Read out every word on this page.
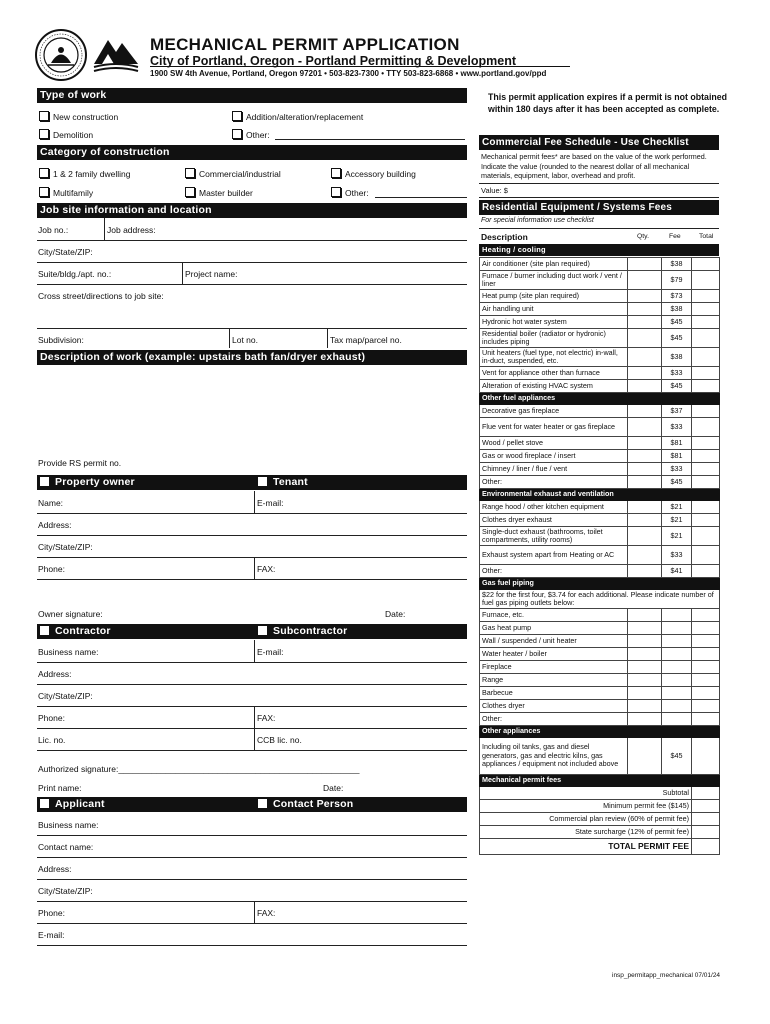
MECHANICAL PERMIT APPLICATION
City of Portland, Oregon - Portland Permitting & Development
1900 SW 4th Avenue, Portland, Oregon 97201 • 503-823-7300 • TTY 503-823-6868 • www.portland.gov/ppd
Type of work
New construction	Addition/alteration/replacement
Demolition	Other:
Category of construction
1 & 2 family dwelling	Commercial/industrial	Accessory building
Multifamily	Master builder	Other:
Job site information and location
Job no.:	Job address:
City/State/ZIP:
Suite/bldg./apt. no.:	Project name:
Cross street/directions to job site:
Subdivision:	Lot no.	Tax map/parcel no.
Description of work (example: upstairs bath fan/dryer exhaust)
Provide RS permit no.
Property owner	Tenant
Name:	E-mail:
Address:
City/State/ZIP:
Phone:	FAX:
Owner signature:	Date:
Contractor	Subcontractor
Business name:	E-mail:
Address:
City/State/ZIP:
Phone:	FAX:
Lic. no.	CCB lic. no.
Authorized signature:___________________________________________________
Print name:	Date:
Applicant	Contact Person
Business name:
Contact name:
Address:
City/State/ZIP:
Phone:	FAX:
E-mail:
This permit application expires if a permit is not obtained within 180 days after it has been accepted as complete.
Commercial Fee Schedule - Use Checklist
Mechanical permit fees* are based on the value of the work performed. Indicate the value (rounded to the nearest dollar of all mechanical materials, equipment, labor, overhead and profit.
Value: $
Residential Equipment / Systems Fees
For special information use checklist
Description	Qty.	Fee	Total
Heating / cooling
Air conditioner (site plan required)		$38	
Furnace / burner including duct work / vent / liner		$79	
Heat pump (site plan required)		$73	
Air handling unit		$38	
Hydronic hot water system		$45	
Residential boiler (radiator or hydronic) includes piping		$45	
Unit heaters (fuel type, not electric) in-wall, in-duct, suspended, etc.		$38	
Vent for appliance other than furnace		$33	
Alteration of existing HVAC system		$45	
Other fuel appliances			
Decorative gas fireplace		$37	
Flue vent for water heater or gas fireplace		$33	
Wood / pellet stove		$81	
Gas or wood fireplace / insert		$81	
Chimney / liner / flue / vent		$33	
Other:		$45	
Environmental exhaust and ventilation			
Range hood / other kitchen equipment		$21	
Clothes dryer exhaust		$21	
Single-duct exhaust (bathrooms, toilet compartments, utility rooms)		$21	
Exhaust system apart from Heating or AC		$33	
Other:		$41	
Gas fuel piping			
$22 for the first four, $3.74 for each additional. Please indicate number of fuel gas piping outlets below:			
Furnace, etc.			
Gas heat pump			
Wall / suspended / unit heater			
Water heater / boiler			
Fireplace			
Range			
Barbecue			
Clothes dryer			
Other:			
Other appliances			
Including oil tanks, gas and diesel generators, gas and electric kilns, gas appliances / equipment not included above		$45	
Mechanical permit fees			
Subtotal			
Minimum permit fee ($145)			
Commercial plan review (60% of permit fee)			
State surcharge (12% of permit fee)			
TOTAL PERMIT FEE			
insp_permitapp_mechanical 07/01/24
